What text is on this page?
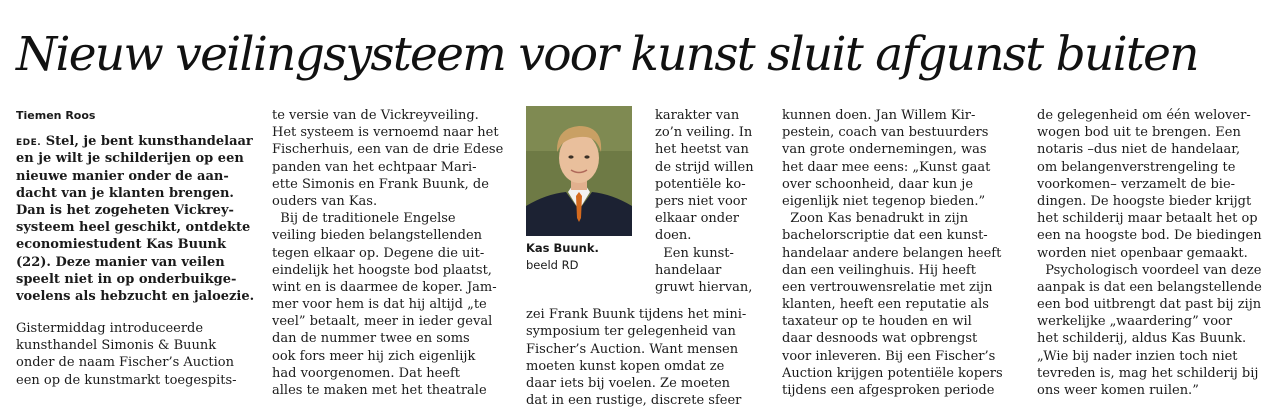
Nieuw veilingsysteem voor kunst sluit afgunst buiten
Tiemen Roos
EDE. Stel, je bent kunsthandelaar
en je wilt je schilderijen op een
nieuwe manier onder de aan-
dacht van je klanten brengen.
Dan is het zogeheten Vickrey-
systeem heel geschikt, ontdekte
economiestudent Kas Buunk
(22). Deze manier van veilen
speelt niet in op onderbuikge-
voelens als hebzucht en jaloezie.
Gistermiddag introduceerde
kunsthandel Simonis & Buunk
onder de naam Fischer’s Auction
een op de kunstmarkt toegespits-
te versie van de Vickreyveiling.
Het systeem is vernoemd naar het
Fischerhuis, een van de drie Edese
panden van het echtpaar Mari-
ette Simonis en Frank Buunk, de
ouders van Kas.
Bij de traditionele Engelse
veiling bieden belangstellenden
tegen elkaar op. Degene die uit-
eindelijk het hoogste bod plaatst,
wint en is daarmee de koper. Jam-
mer voor hem is dat hij altijd „te
veel” betaalt, meer in ieder geval
dan de nummer twee en soms
ook fors meer hij zich eigenlijk
had voorgenomen. Dat heeft
alles te maken met het theatrale
Kas Buunk.
beeld RD
karakter van
zo’n veiling. In
het heetst van
de strijd willen
potentiële ko-
pers niet voor
elkaar onder
doen.
Een kunst-
handelaar
gruwt hiervan,
zei Frank Buunk tijdens het mini-
symposium ter gelegenheid van
Fischer’s Auction. Want mensen
moeten kunst kopen omdat ze
daar iets bij voelen. Ze moeten
dat in een rustige, discrete sfeer
kunnen doen. Jan Willem Kir-
pestein, coach van bestuurders
van grote ondernemingen, was
het daar mee eens: „Kunst gaat
over schoonheid, daar kun je
eigenlijk niet tegenop bieden.”
Zoon Kas benadrukt in zijn
bachelorscriptie dat een kunst-
handelaar andere belangen heeft
dan een veilinghuis. Hij heeft
een vertrouwensrelatie met zijn
klanten, heeft een reputatie als
taxateur op te houden en wil
daar desnoods wat opbrengst
voor inleveren. Bij een Fischer’s
Auction krijgen potentiële kopers
tijdens een afgesproken periode
de gelegenheid om één welover-
wogen bod uit te brengen. Een
notaris –dus niet de handelaar,
om belangenverstrengeling te
voorkomen– verzamelt de bie-
dingen. De hoogste bieder krijgt
het schilderij maar betaalt het op
een na hoogste bod. De biedingen
worden niet openbaar gemaakt.
Psychologisch voordeel van deze
aanpak is dat een belangstellende
een bod uitbrengt dat past bij zijn
werkelijke „waardering” voor
het schilderij, aldus Kas Buunk.
„Wie bij nader inzien toch niet
tevreden is, mag het schilderij bij
ons weer komen ruilen.”
